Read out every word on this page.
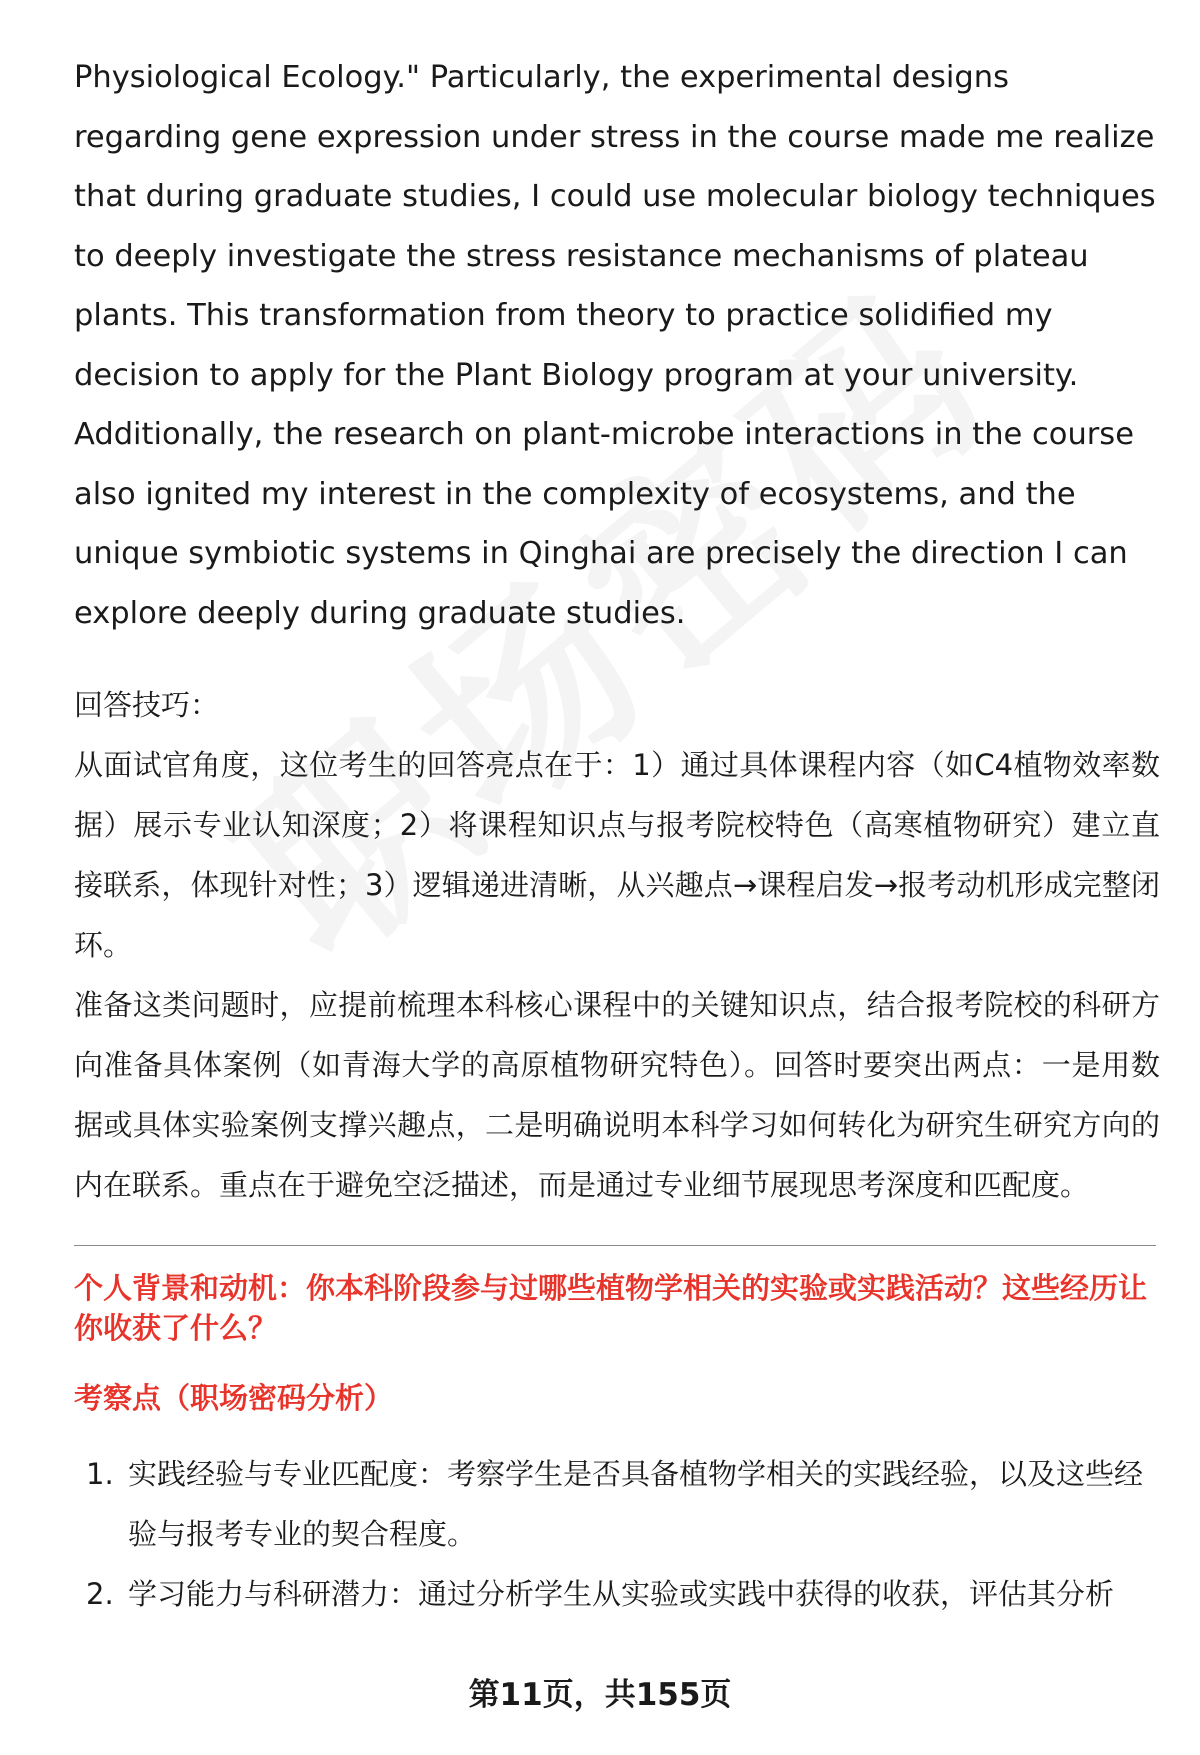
Physiological Ecology." Particularly, the experimental designs regarding gene expression under stress in the course made me realize that during graduate studies, I could use molecular biology techniques to deeply investigate the stress resistance mechanisms of plateau plants. This transformation from theory to practice solidified my decision to apply for the Plant Biology program at your university. Additionally, the research on plant-microbe interactions in the course also ignited my interest in the complexity of ecosystems, and the unique symbiotic systems in Qinghai are precisely the direction I can explore deeply during graduate studies.

回答技巧：

从面试官角度，这位考生的回答亮点在于：1）通过具体课程内容（如C4植物效率数据）展示专业认知深度；2）将课程知识点与报考院校特色（高寒植物研究）建立直接联系，体现针对性；3）逻辑递进清晰，从兴趣点→课程启发→报考动机形成完整闭环。

准备这类问题时，应提前梳理本科核心课程中的关键知识点，结合报考院校的科研方向准备具体案例（如青海大学的高原植物研究特色）。回答时要突出两点：一是用数据或具体实验案例支撑兴趣点，二是明确说明本科学习如何转化为研究生研究方向的内在联系。重点在于避免空泛描述，而是通过专业细节展现思考深度和匹配度。

个人背景和动机：你本科阶段参与过哪些植物学相关的实验或实践活动？这些经历让你收获了什么？
考察点（职场密码分析）
1. 实践经验与专业匹配度：考察学生是否具备植物学相关的实践经验，以及这些经验与报考专业的契合程度。
2. 学习能力与科研潜力：通过分析学生从实验或实践中获得的收获，评估其分析
第11页，共155页
